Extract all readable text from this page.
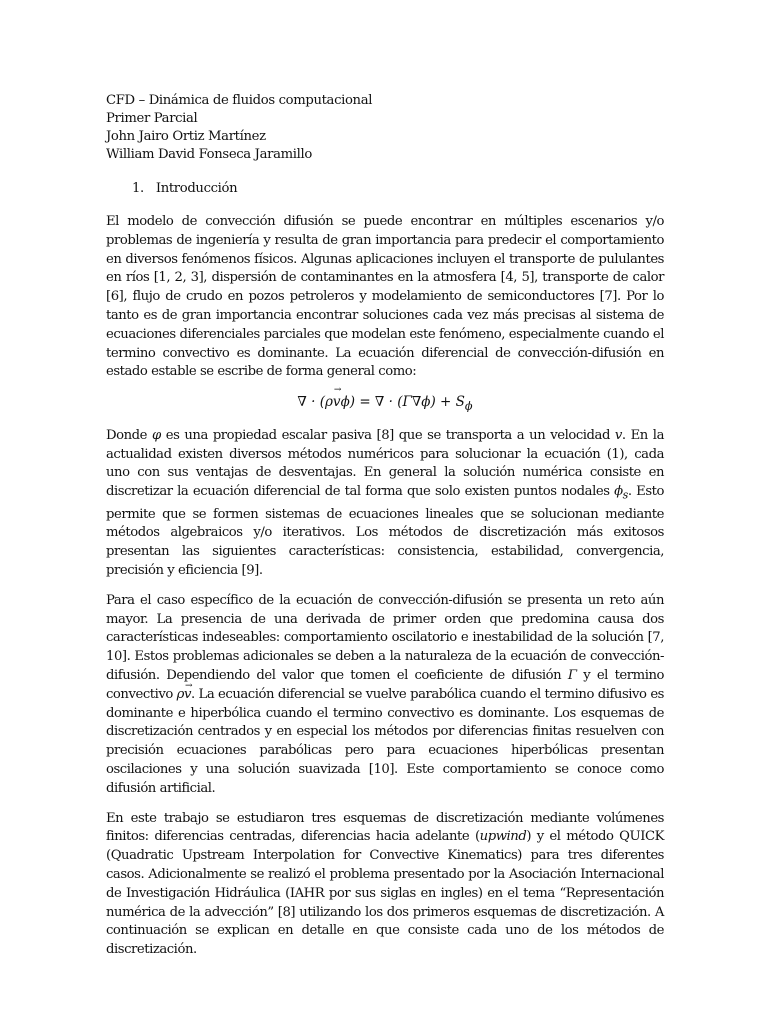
CFD – Dinámica de fluidos computacional
Primer Parcial
John Jairo Ortiz Martínez
William David Fonseca Jaramillo
1. Introducción

El modelo de convección difusión se puede encontrar en múltiples escenarios y/o problemas de ingeniería y resulta de gran importancia para predecir el comportamiento en diversos fenómenos físicos. Algunas aplicaciones incluyen el transporte de pululantes en ríos [1, 2, 3], dispersión de contaminantes en la atmosfera [4, 5], transporte de calor [6], flujo de crudo en pozos petroleros y modelamiento de semiconductores [7]. Por lo tanto es de gran importancia encontrar soluciones cada vez más precisas al sistema de ecuaciones diferenciales parciales que modelan este fenómeno, especialmente cuando el termino convectivo es dominante. La ecuación diferencial de convección-difusión en estado estable se escribe de forma general como:

∇ · (ρ→ vϕ) = ∇ · $(\Gamma\nabla\phi) + S_\phi$

Donde φ es una propiedad escalar pasiva [8] que se transporta a un velocidad v. En la actualidad existen diversos métodos numéricos para solucionar la ecuación (1), cada uno con sus ventajas de desventajas. En general la solución numérica consiste en discretizar la ecuación diferencial de tal forma que solo existen puntos nodales $\phi_s$. Esto permite que se formen sistemas de ecuaciones lineales que se solucionan mediante métodos algebraicos y/o iterativos. Los métodos de discretización más exitosos presentan las siguientes características: consistencia, estabilidad, convergencia, precisión y eficiencia [9].

Para el caso específico de la ecuación de convección-difusión se presenta un reto aún mayor. La presencia de una derivada de primer orden que predomina causa dos características indeseables: comportamiento oscilatorio e inestabilidad de la solución [7, 10]. Estos problemas adicionales se deben a la naturaleza de la ecuación de convección-difusión. Dependiendo del valor que tomen el coeficiente de difusión Γ y el termino convectivo ρ→ v. La ecuación diferencial se vuelve parabólica cuando el termino difusivo es dominante e hiperbólica cuando el termino convectivo es dominante. Los esquemas de discretización centrados y en especial los métodos por diferencias finitas resuelven con precisión ecuaciones parabólicas pero para ecuaciones hiperbólicas presentan oscilaciones y una solución suavizada [10]. Este comportamiento se conoce como difusión artificial.

En este trabajo se estudiaron tres esquemas de discretización mediante volúmenes finitos: diferencias centradas, diferencias hacia adelante (upwind) y el método QUICK (Quadratic Upstream Interpolation for Convective Kinematics) para tres diferentes casos. Adicionalmente se realizó el problema presentado por la Asociación Internacional de Investigación Hidráulica (IAHR por sus siglas en ingles) en el tema “Representación numérica de la advección” [8] utilizando los dos primeros esquemas de discretización. A continuación se explican en detalle en que consiste cada uno de los métodos de discretización.
